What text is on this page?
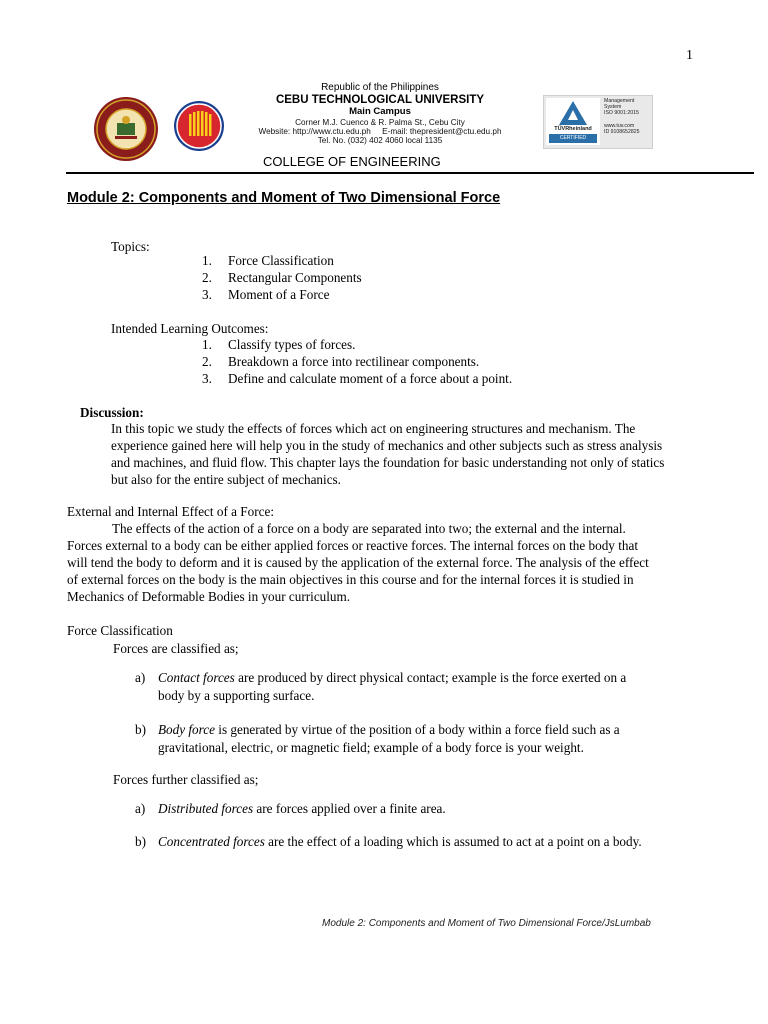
1
Republic of the Philippines
CEBU TECHNOLOGICAL UNIVERSITY
Main Campus
Corner M.J. Cuenco & R. Palma St., Cebu City
Website: http://www.ctu.edu.ph     E-mail: thepresident@ctu.edu.ph
Tel. No. (032) 402 4060 local 1135
COLLEGE OF ENGINEERING
TÜVRheinland
CERTIFIED
Management
System
ISO 9001:2015
www.tuv.com
ID 9108652825
Module 2: Components and Moment of Two Dimensional Force
Topics:
1. Force Classification
2. Rectangular Components
3. Moment of a Force
Intended Learning Outcomes:
1. Classify types of forces.
2. Breakdown a force into rectilinear components.
3. Define and calculate moment of a force about a point.
Discussion:
In this topic we study the effects of forces which act on engineering structures and mechanism. The
experience gained here will help you in the study of mechanics and other subjects such as stress analysis
and machines, and fluid flow. This chapter lays the foundation for basic understanding not only of statics
but also for the entire subject of mechanics.
External and Internal Effect of a Force:
The effects of the action of a force on a body are separated into two; the external and the internal.
Forces external to a body can be either applied forces or reactive forces. The internal forces on the body that
will tend the body to deform and it is caused by the application of the external force. The analysis of the effect
of external forces on the body is the main objectives in this course and for the internal forces it is studied in
Mechanics of Deformable Bodies in your curriculum.
Force Classification
Forces are classified as;
a) Contact forces are produced by direct physical contact; example is the force exerted on a
body by a supporting surface.
b) Body force is generated by virtue of the position of a body within a force field such as a
gravitational, electric, or magnetic field; example of a body force is your weight.
Forces further classified as;
a) Distributed forces are forces applied over a finite area.
b) Concentrated forces are the effect of a loading which is assumed to act at a point on a body.
Module 2: Components and Moment of Two Dimensional Force/JsLumbab
